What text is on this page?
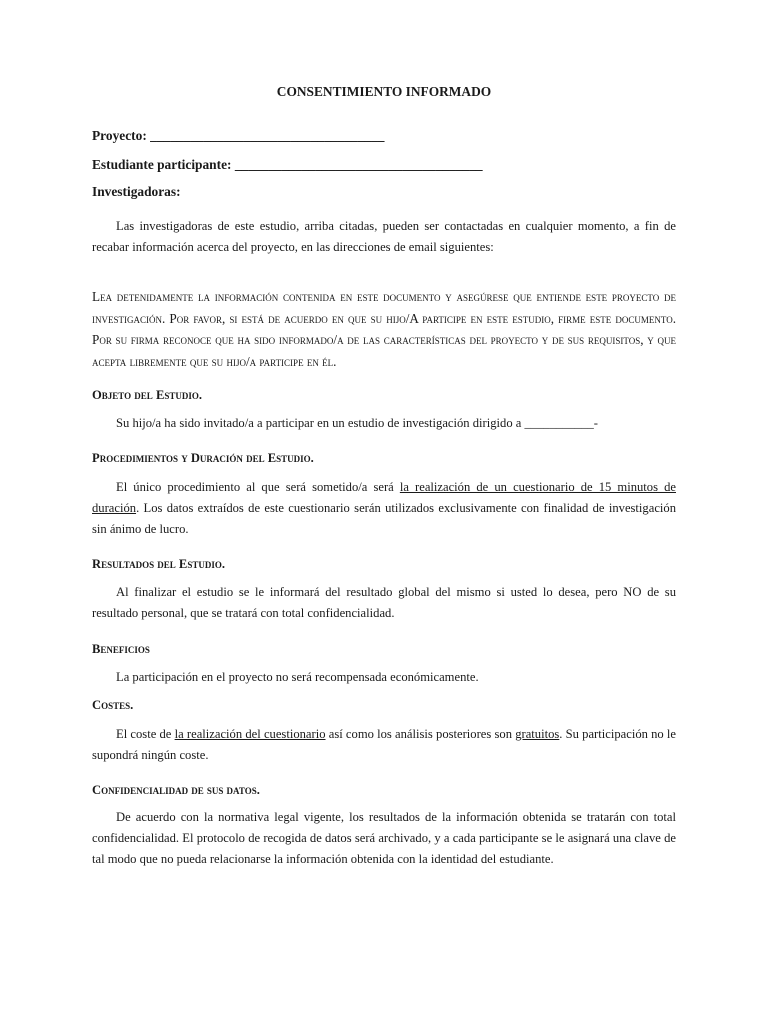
CONSENTIMIENTO INFORMADO
Proyecto: ___________________________________
Estudiante participante: _____________________________________
Investigadoras:

Las investigadoras de este estudio, arriba citadas, pueden ser contactadas en cualquier momento, a fin de recabar información acerca del proyecto, en las direcciones de email siguientes:

Lea detenidamente la información contenida en este documento y asegúrese que entiende este proyecto de investigación. Por favor, si está de acuerdo en que su hijo/A participe en este estudio, firme este documento. Por su firma reconoce que ha sido informado/a de las características del proyecto y de sus requisitos, y que acepta libremente que su hijo/a participe en él.

Objeto del Estudio.

Su hijo/a ha sido invitado/a a participar en un estudio de investigación dirigido a ___________-

Procedimientos y Duración del Estudio.

El único procedimiento al que será sometido/a será la realización de un cuestionario de 15 minutos de duración. Los datos extraídos de este cuestionario serán utilizados exclusivamente con finalidad de investigación sin ánimo de lucro.

Resultados del Estudio.

Al finalizar el estudio se le informará del resultado global del mismo si usted lo desea, pero NO de su resultado personal, que se tratará con total confidencialidad.

Beneficios

La participación en el proyecto no será recompensada económicamente.

Costes.

El coste de la realización del cuestionario así como los análisis posteriores son gratuitos. Su participación no le supondrá ningún coste.

Confidencialidad de sus datos.

De acuerdo con la normativa legal vigente, los resultados de la información obtenida se tratarán con total confidencialidad. El protocolo de recogida de datos será archivado, y a cada participante se le asignará una clave de tal modo que no pueda relacionarse la información obtenida con la identidad del estudiante.
